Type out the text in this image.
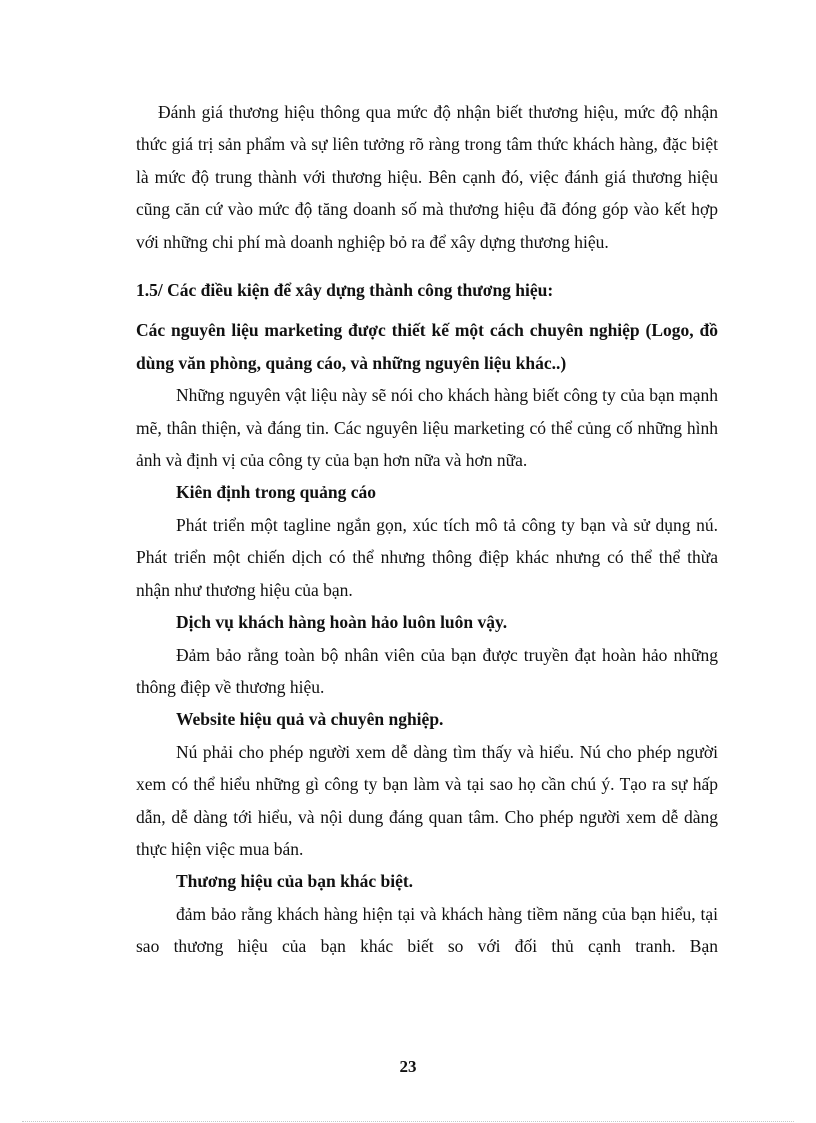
Đánh giá thương hiệu thông qua mức độ nhận biết thương hiệu, mức độ nhận thức giá trị sản phẩm và sự liên tưởng rõ ràng trong tâm thức khách hàng, đặc biệt là mức độ trung thành với thương hiệu. Bên cạnh đó, việc đánh giá thương hiệu cũng căn cứ vào mức độ tăng doanh số mà thương hiệu đã đóng góp vào kết hợp với những chi phí mà doanh nghiệp bỏ ra để xây dựng thương hiệu.

1.5/ Các điều kiện để xây dựng thành công thương hiệu:
Các nguyên liệu marketing được thiết kế một cách chuyên nghiệp (Logo, đồ dùng văn phòng, quảng cáo, và những nguyên liệu khác..)

Những nguyên vật liệu này sẽ nói cho khách hàng biết công ty của bạn mạnh mẽ, thân thiện, và đáng tin. Các nguyên liệu marketing có thể củng cố những hình ảnh và định vị của công ty của bạn hơn nữa và hơn nữa.

Kiên định trong quảng cáo

Phát triển một tagline ngắn gọn, xúc tích mô tả công ty bạn và sử dụng nú. Phát triển một chiến dịch có thể nhưng thông điệp khác nhưng có thể thể thừa nhận như thương hiệu của bạn.

Dịch vụ khách hàng hoàn hảo luôn luôn vậy.

Đảm bảo rằng toàn bộ nhân viên của bạn được truyền đạt hoàn hảo những thông điệp về thương hiệu.

Website hiệu quả và chuyên nghiệp.

Nú phải cho phép người xem dễ dàng tìm thấy và hiểu. Nú cho phép người xem có thể hiểu những gì công ty bạn làm và tại sao họ cần chú ý. Tạo ra sự hấp dẫn, dễ dàng tới hiểu, và nội dung đáng quan tâm. Cho phép người xem dễ dàng thực hiện việc mua bán.

Thương hiệu của bạn khác biệt.

đảm bảo rằng khách hàng hiện tại và khách hàng tiềm năng của bạn hiểu, tại sao thương hiệu của bạn khác biết so với đối thủ cạnh tranh. Bạn

23
